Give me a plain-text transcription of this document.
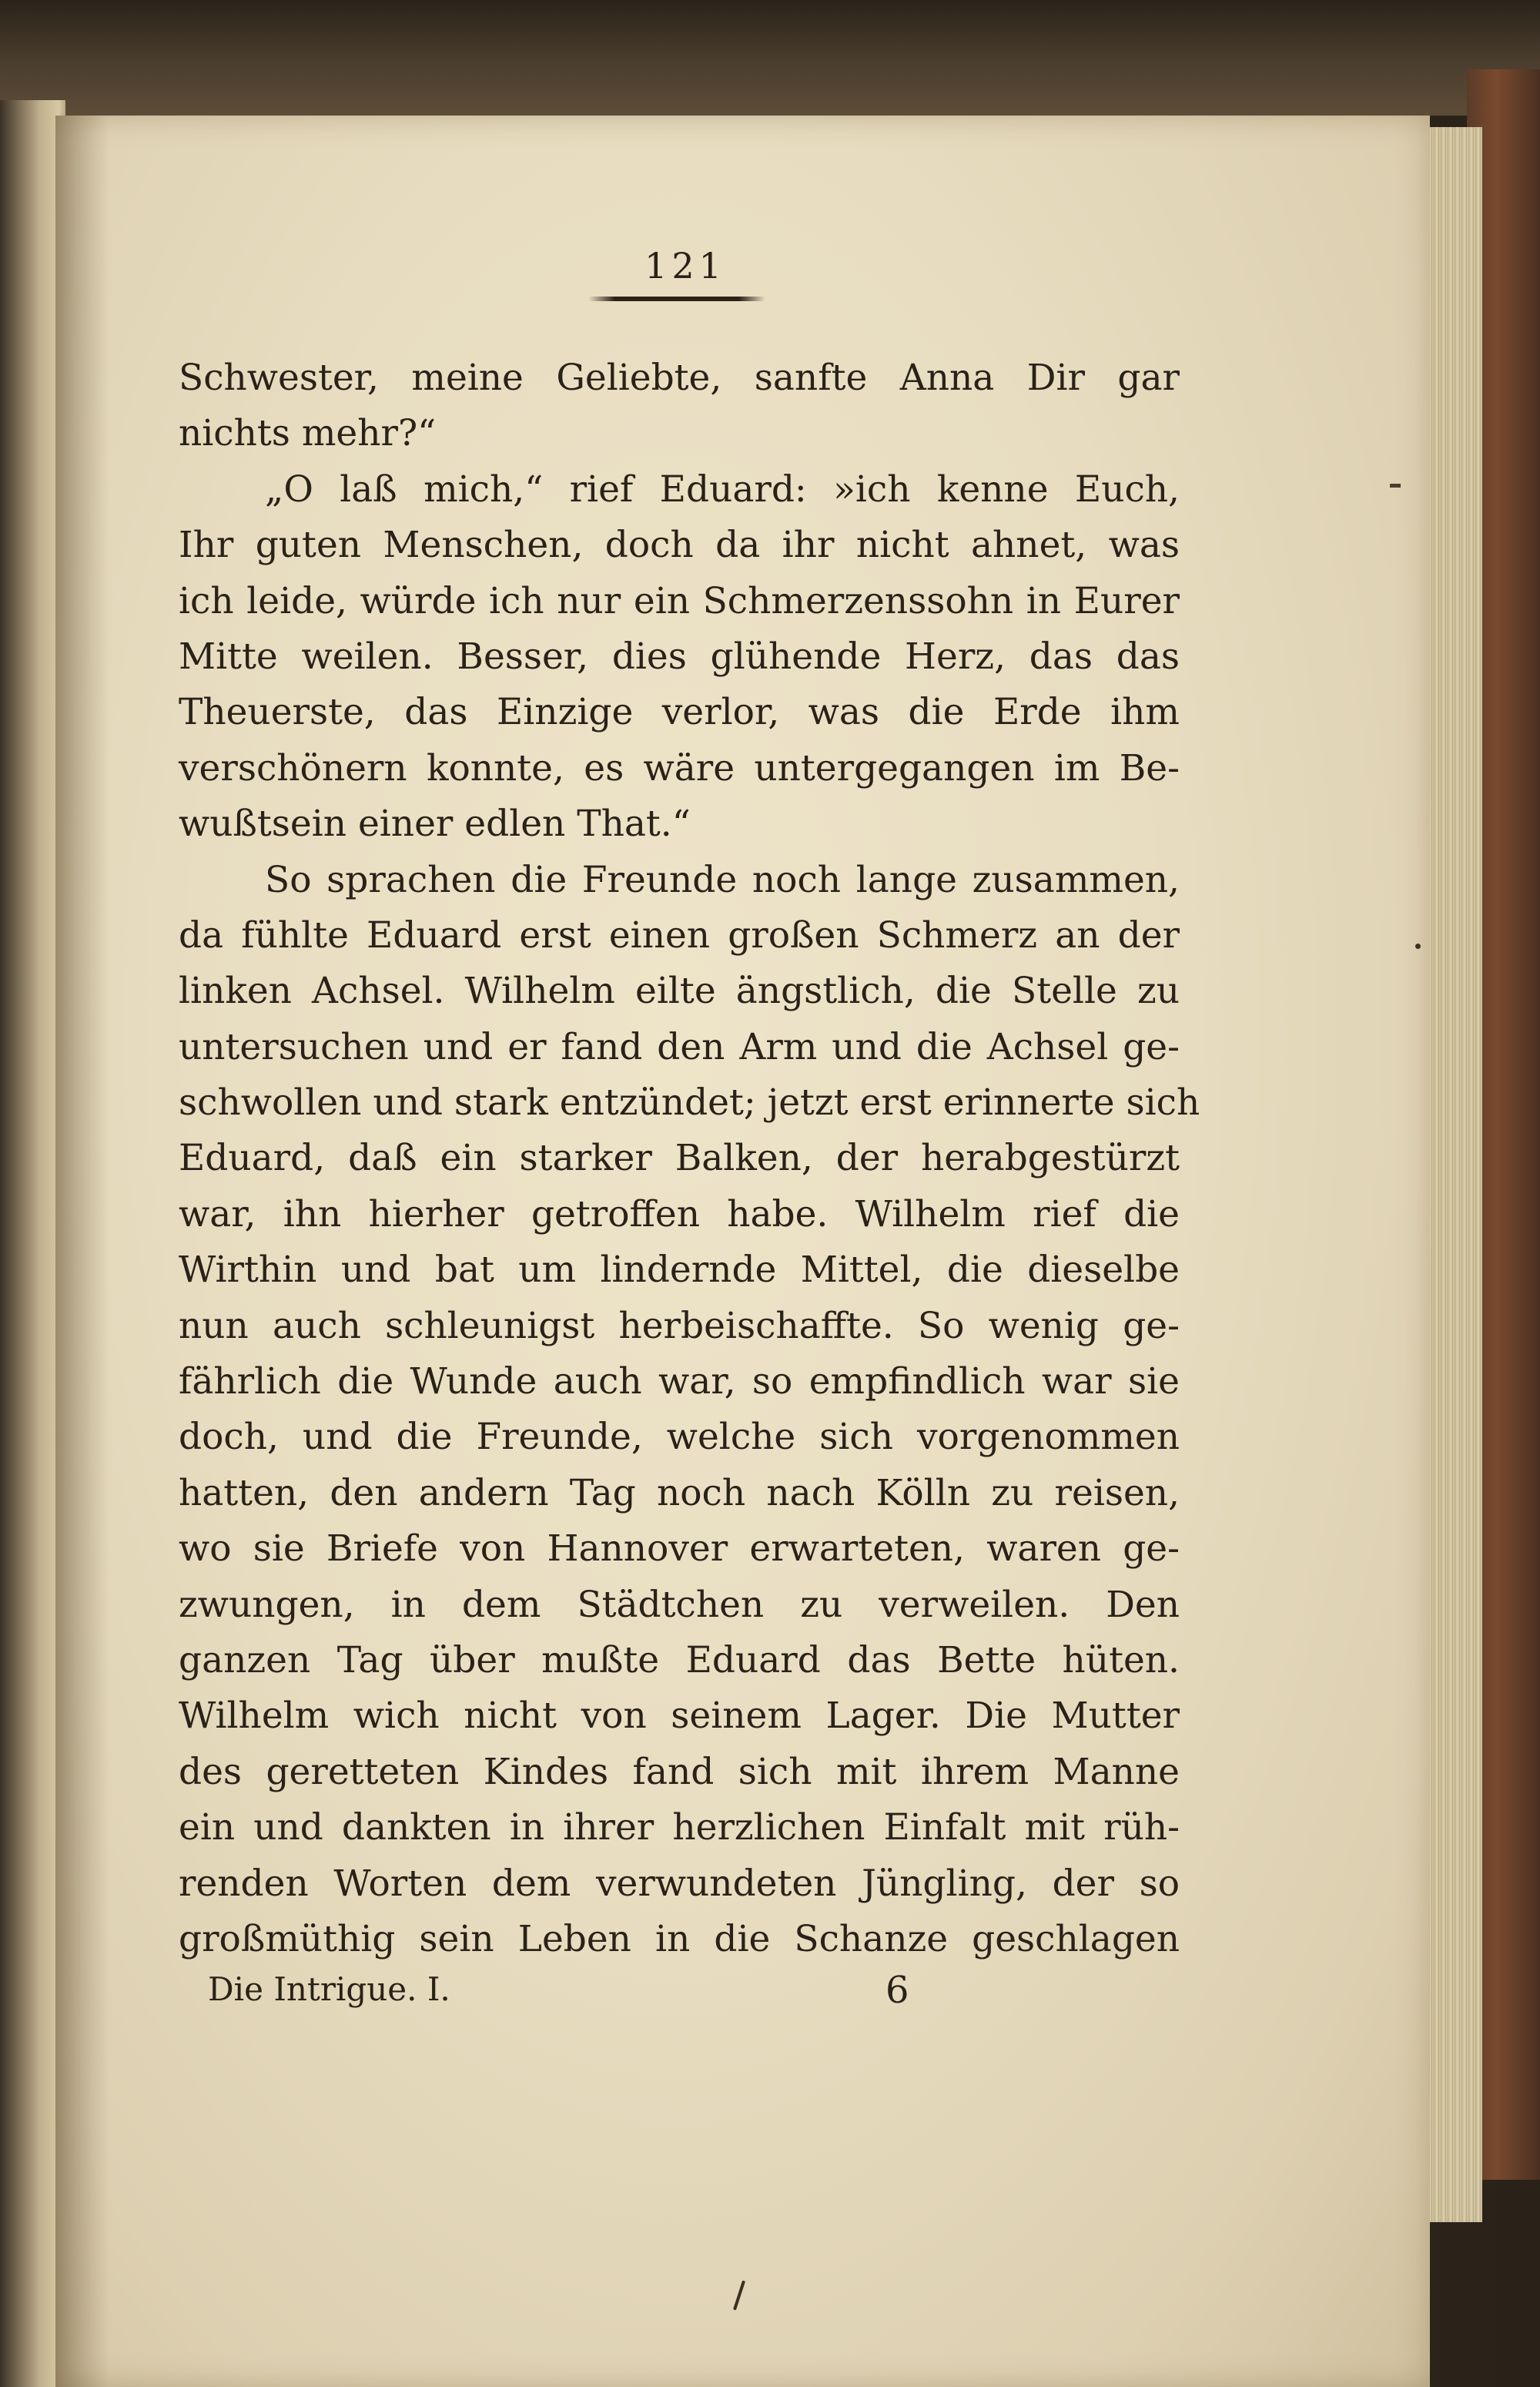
121
Schwester, meine Geliebte, sanfte Anna Dir gar
nichts mehr?“
„O laß mich,“ rief Eduard: »ich kenne Euch,
Ihr guten Menschen, doch da ihr nicht ahnet, was
ich leide, würde ich nur ein Schmerzenssohn in Eurer
Mitte weilen. Besser, dies glühende Herz, das das
Theuerste, das Einzige verlor, was die Erde ihm
verschönern konnte, es wäre untergegangen im Be-
wußtsein einer edlen That.“
So sprachen die Freunde noch lange zusammen,
da fühlte Eduard erst einen großen Schmerz an der
linken Achsel. Wilhelm eilte ängstlich, die Stelle zu
untersuchen und er fand den Arm und die Achsel ge-
schwollen und stark entzündet; jetzt erst erinnerte sich
Eduard, daß ein starker Balken, der herabgestürzt
war, ihn hierher getroffen habe. Wilhelm rief die
Wirthin und bat um lindernde Mittel, die dieselbe
nun auch schleunigst herbeischaffte. So wenig ge-
fährlich die Wunde auch war, so empfindlich war sie
doch, und die Freunde, welche sich vorgenommen
hatten, den andern Tag noch nach Kölln zu reisen,
wo sie Briefe von Hannover erwarteten, waren ge-
zwungen, in dem Städtchen zu verweilen. Den
ganzen Tag über mußte Eduard das Bette hüten.
Wilhelm wich nicht von seinem Lager. Die Mutter
des geretteten Kindes fand sich mit ihrem Manne
ein und dankten in ihrer herzlichen Einfalt mit rüh-
renden Worten dem verwundeten Jüngling, der so
großmüthig sein Leben in die Schanze geschlagen
Die Intrigue. I.	6
